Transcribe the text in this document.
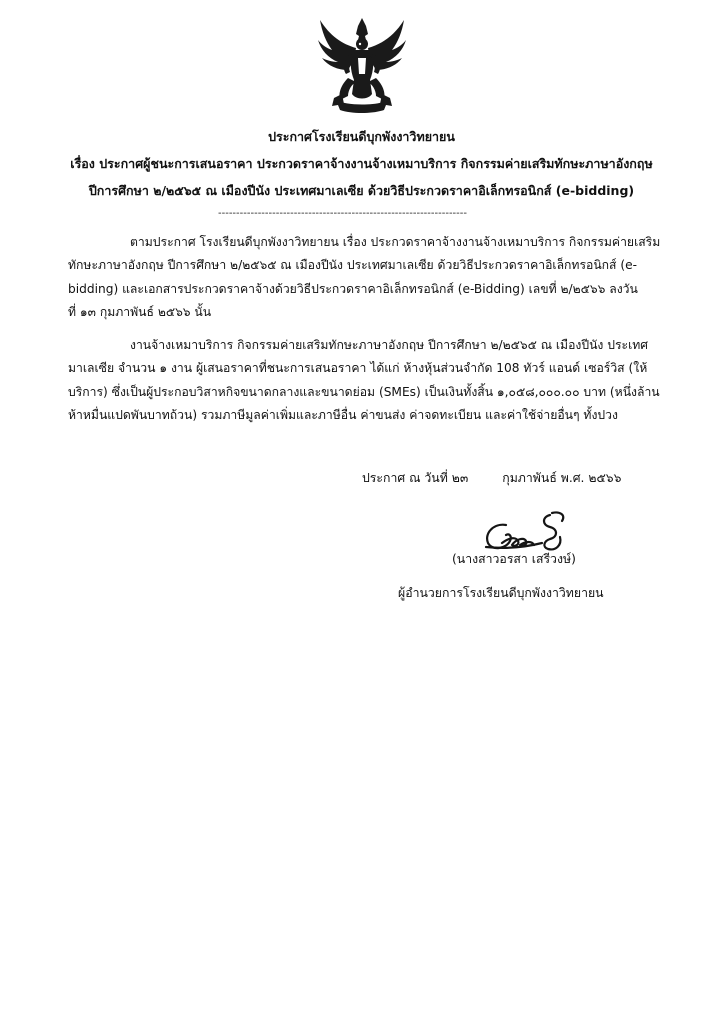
ประกาศโรงเรียนดีบุกพังงาวิทยายน
เรื่อง ประกาศผู้ชนะการเสนอราคา ประกวดราคาจ้างงานจ้างเหมาบริการ กิจกรรมค่ายเสริมทักษะภาษาอังกฤษ
ปีการศึกษา ๒/๒๕๖๕ ณ เมืองปีนัง ประเทศมาเลเซีย ด้วยวิธีประกวดราคาอิเล็กทรอนิกส์ (e-bidding)
---------------------------------------------------------------------
ตามประกาศ โรงเรียนดีบุกพังงาวิทยายน เรื่อง ประกวดราคาจ้างงานจ้างเหมาบริการ กิจกรรมค่ายเสริม
ทักษะภาษาอังกฤษ ปีการศึกษา ๒/๒๕๖๕ ณ เมืองปีนัง ประเทศมาเลเซีย ด้วยวิธีประกวดราคาอิเล็กทรอนิกส์ (e-
bidding) และเอกสารประกวดราคาจ้างด้วยวิธีประกวดราคาอิเล็กทรอนิกส์ (e-Bidding) เลขที่ ๒/๒๕๖๖ ลงวัน
ที่ ๑๓ กุมภาพันธ์ ๒๕๖๖ นั้น
งานจ้างเหมาบริการ กิจกรรมค่ายเสริมทักษะภาษาอังกฤษ ปีการศึกษา ๒/๒๕๖๕ ณ เมืองปีนัง ประเทศ
มาเลเซีย จำนวน ๑ งาน ผู้เสนอราคาที่ชนะการเสนอราคา ได้แก่ ห้างหุ้นส่วนจำกัด 108 ทัวร์ แอนด์ เซอร์วิส (ให้
บริการ) ซึ่งเป็นผู้ประกอบวิสาหกิจขนาดกลางและขนาดย่อม (SMEs) เป็นเงินทั้งสิ้น ๑,๐๕๘,๐๐๐.๐๐ บาท (หนึ่งล้าน
ห้าหมื่นแปดพันบาทถ้วน) รวมภาษีมูลค่าเพิ่มและภาษีอื่น ค่าขนส่ง ค่าจดทะเบียน และค่าใช้จ่ายอื่นๆ ทั้งปวง
ประกาศ ณ วันที่ ๒๓	กุมภาพันธ์ พ.ศ. ๒๕๖๖
(นางสาวอรสา เสรีวงษ์)
ผู้อำนวยการโรงเรียนดีบุกพังงาวิทยายน
